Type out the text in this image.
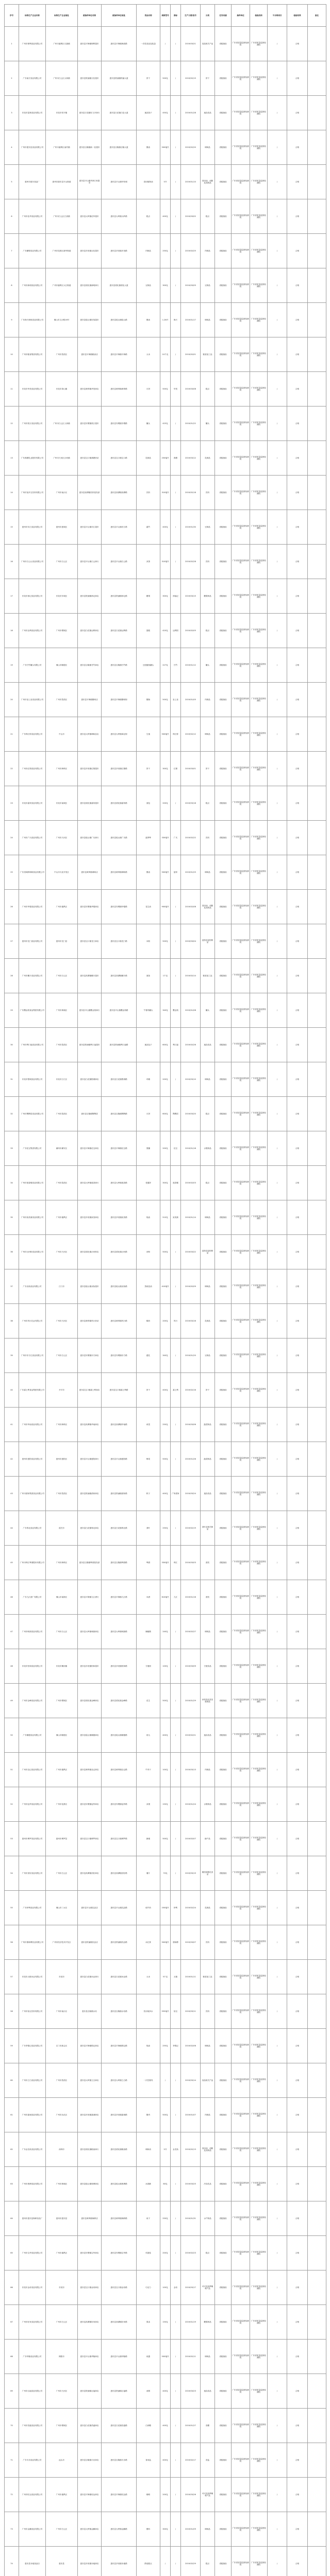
序号	标称生产企业名称	标称生产企业地址	被抽样单位名称	被抽样单位地址	食品名称	规格型号	商标	生产日期/批号	分类	任务来源	抽样单位	检验机构	不合格项目	检验结果	备注
1	广州市保利食品有限公司	广州市番禺区石碁镇	惠东县平海镇保利超市	惠东县平海镇海滨路	一次性食品包装袋	/	/	2019/03/21	食品相关产品	省级抽检	广东省质量监督检测院	广东省质量监督检测院	/	合格	
2	广东南方食品有限公司	广州市白云区太和镇	惠东县铁涌镇万佳超市	惠东县铁涌镇铁涌大道	饼干	500克	/	2019/02/15	饼干	省级抽检	广东省质量监督检测院	广东省质量监督检测院	/	合格	
3	东莞市富林食品有限公司	东莞市常平镇	惠东县白花镇好又多商行	惠东县白花镇白花大道	速冻饺子	450克	/	2019/01/28	速冻食品	省级抽检	广东省质量监督检测院	广东省质量监督检测院	/	合格	
4	广州市惠东县食品有限公司	广州市番禺区南村镇	惠东县吉隆镇新一佳超市	惠东县吉隆镇吉隆大道	酱油	500毫升	/	2019/02/20	调味品	省级抽检	广东省质量监督检测院	广东省质量监督检测院	/	合格	
5	惠州市惠东食品厂	惠州市惠东县平山街道	惠东县平山镇华润万家超市	惠东县平山镇华侨城	食用植物油	5升	/	2019/01/10	食用油、油脂及其制品	省级抽检	广东省质量监督检测院	广东省质量监督检测院	/	合格	
6	广州市佳华食品有限公司	广州市白云区江高镇	惠东县大岭镇佳华超市	惠东县大岭镇大岭路	糕点	400克	/	2019/03/02	糕点	省级抽检	广东省质量监督检测院	广东省质量监督检测院	/	合格	
7	广东鹏程食品有限公司	广州市花都区新华街道	惠东县多祝镇百佳超市	惠东县多祝镇多祝路	肉制品	250克	/	2019/02/25	肉制品	省级抽检	广东省质量监督检测院	广东省质量监督检测院	/	合格	
8	广州市新明食品有限公司	广州市番禺区大石街道	惠东县梁化镇新明商行	惠东县梁化镇梁化大道	豆制品	300克	/	2019/03/05	豆制品	省级抽检	广东省质量监督检测院	广东省质量监督检测院	/	合格	
9	广东海天调味食品有限公司	佛山市文沙路16号	惠东县稔山镇好客超市	惠东县稔山镇稔山路	酱油	1.28升	海天	2019/01/17	调味品	省级抽检	广东省质量监督检测院	广东省质量监督检测院	/	合格	
10	广州市粮食集团有限公司	广州市荔湾区	惠东县平海镇粮油店	惠东县平海镇平海路	大米	10千克	/	2019/02/01	粮食加工品	省级抽检	广东省质量监督检测院	广东省质量监督检测院	/	合格	
11	东莞市华美食品有限公司	东莞市茶山镇	惠东县黄埠镇华美商店	惠东县黄埠镇黄埠路	月饼	500克	华美	2019/03/08	糕点	省级抽检	广东省质量监督检测院	广东省质量监督检测院	/	合格	
12	广州市钱万食品有限公司	广州市白云区人和镇	惠东县安墩镇钱万超市	惠东县安墩镇安墩路	罐头	425克	/	2019/01/22	罐头	省级抽检	广东省质量监督检测院	广东省质量监督检测院	/	合格	
13	广东燕塘乳业股份有限公司	广州市天河区沙河镇	惠东县宝口镇燕塘奶站	惠东县宝口镇宝口路	乳制品	250毫升	燕塘	2019/03/12	乳制品	省级抽检	广东省质量监督检测院	广东省质量监督检测院	/	合格	
14	广州市加多宝饮料有限公司	广州市南沙区	惠东县高潭镇饮料批发部	惠东县高潭镇高潭路	饮料	310毫升	/	2019/02/18	饮料	省级抽检	广东省质量监督检测院	广东省质量监督检测院	/	合格	
15	惠州市东江食品有限公司	惠州市惠城区	惠东县平山镇东江超市	惠东县平山镇东江路	腐竹	400克	/	2019/01/30	豆制品	省级抽检	广东省质量监督检测院	广东省质量监督检测院	/	合格	
16	广州市白云山食品有限公司	广州市白云区	惠东县平山镇白云商行	惠东县平山镇白云路	凉茶	310毫升	/	2019/02/28	饮料	省级抽检	广东省质量监督检测院	广东省质量监督检测院	/	合格	
17	东莞市徐记食品有限公司	东莞市东城区	惠东县铁涌镇徐记商店	惠东县铁涌镇徐记路	糖果	300克	徐福记	2019/03/15	糖果制品	省级抽检	广东省质量监督检测院	广东省质量监督检测院	/	合格	
18	广州市达利食品有限公司	广州市增城区	惠东县白花镇达利商店	惠东县白花镇达利路	蛋糕	420克	达利园	2019/02/05	糕点	省级抽检	广东省质量监督检测院	广东省质量监督检测院	/	合格	
19	广东甘竹罐头有限公司	佛山市顺德区	惠东县吉隆镇甘竹商店	惠东县吉隆镇甘竹路	豆豉鲮鱼罐头	227克	甘竹	2019/01/12	罐头	省级抽检	广东省质量监督检测院	广东省质量监督检测院	/	合格	
20	广州市皇上皇食品有限公司	广州市荔湾区	惠东县平海镇腊味店	惠东县平海镇腊味街	腊肠	500克	皇上皇	2019/01/05	肉制品	省级抽检	广东省质量监督检测院	广东省质量监督检测院	/	合格	
21	广东珠江桥食品有限公司	中山市	惠东县大岭镇调味品店	惠东县大岭镇商业街	生抽	500毫升	珠江桥	2019/02/12	调味品	省级抽检	广东省质量监督检测院	广东省质量监督检测院	/	合格	
22	广州市红棉食品有限公司	广州市海珠区	惠东县多祝镇红棉超市	惠东县多祝镇红棉路	饼干	300克	红棉	2019/03/01	饼干	省级抽检	广东省质量监督检测院	广东省质量监督检测院	/	合格	
23	东莞市嘉荣食品有限公司	东莞市南城区	惠东县梁化镇嘉荣超市	惠东县梁化镇嘉荣路	面包	200克	/	2019/03/18	糕点	省级抽检	广东省质量监督检测院	广东省质量监督检测院	/	合格	
24	广州市广氏食品有限公司	广州市天河区	惠东县稔山镇广氏商行	惠东县稔山镇广氏路	菠萝啤	330毫升	广氏	2019/02/22	饮料	省级抽检	广东省质量监督检测院	广东省质量监督检测院	/	合格	
25	广东美味鲜调味食品有限公司	中山市火炬开发区	惠东县黄埠镇调味店	惠东县黄埠镇调味路	酱油	500毫升	厨邦	2019/01/25	调味品	省级抽检	广东省质量监督检测院	广东省质量监督检测院	/	合格	
26	广州市华强食品有限公司	广州市番禺区	惠东县安墩镇华强商店	惠东县安墩镇华强路	花生油	900毫升	/	2019/02/08	食用油、油脂及其制品	省级抽检	广东省质量监督检测院	广东省质量监督检测院	/	合格	
27	惠州市龙门食品有限公司	惠州市龙门县	惠东县宝口镇龙门商店	惠东县宝口镇龙门路	米粉	500克	/	2019/03/04	淀粉及淀粉制品	省级抽检	广东省质量监督检测院	广东省质量监督检测院	/	合格	
28	广州市穗丰食品有限公司	广州市白云区	惠东县高潭镇穗丰超市	惠东县高潭镇穗丰路	面条	1千克	/	2019/02/14	粮食加工品	省级抽检	广东省质量监督检测院	广东省质量监督检测院	/	合格	
29	广东鹰金钱食品集团有限公司	广州市黄埔区	惠东县平山镇鹰金钱商行	惠东县平山镇鹰金钱路	午餐肉罐头	340克	鹰金钱	2019/01/08	罐头	省级抽检	广东省质量监督检测院	广东省质量监督检测院	/	合格	
30	广州市利口福食品有限公司	广州市荔湾区	惠东县铁涌镇利口福超市	惠东县铁涌镇利口福路	速冻包子	600克	利口福	2019/02/26	速冻食品	省级抽检	广东省质量监督检测院	广东省质量监督检测院	/	合格	
31	东莞市银城食品有限公司	东莞市万江区	惠东县白花镇银城商店	惠东县白花镇银城路	鸡精	200克	/	2019/03/10	调味品	省级抽检	广东省质量监督检测院	广东省质量监督检测院	/	合格	
32	广州市陶陶居食品有限公司	广州市荔湾区	惠东县吉隆镇陶陶居	惠东县吉隆镇陶陶路	月饼	600克	陶陶居	2019/03/20	糕点	省级抽检	广东省质量监督检测院	广东省质量监督检测院	/	合格	
33	广东佳宝集团有限公司	潮州市潮安区	惠东县平海镇佳宝商店	惠东县平海镇佳宝路	果脯	200克	佳宝	2019/01/18	水果制品	省级抽检	广东省质量监督检测院	广东省质量监督检测院	/	合格	
34	广州市莲香楼食品有限公司	广州市荔湾区	惠东县大岭镇莲香商行	惠东县大岭镇莲香路	老婆饼	300克	莲香楼	2019/02/03	糕点	省级抽检	广东省质量监督检测院	广东省质量监督检测院	/	合格	
35	广州市致美斋食品有限公司	广州市番禺区	惠东县多祝镇致美商店	惠东县多祝镇致美路	蚝油	510克	致美斋	2019/01/14	调味品	省级抽检	广东省质量监督检测院	广东省质量监督检测院	/	合格	
36	广州市沙河粉食品有限公司	广州市天河区	惠东县梁化镇沙河粉店	惠东县梁化镇沙河路	河粉	500克	/	2019/03/22	淀粉及淀粉制品	省级抽检	广东省质量监督检测院	广东省质量监督检测院	/	合格	
37	广东双鱼食品有限公司	江门市	惠东县稔山镇双鱼超市	惠东县稔山镇双鱼路	蒸鱼豉油	410毫升	/	2019/02/09	调味品	省级抽检	广东省质量监督检测院	广东省质量监督检测院	/	合格	
38	广州市风行乳业有限公司	广州市天河区	惠东县黄埠镇风行奶站	惠东县黄埠镇风行路	酸奶	200克	风行	2019/03/16	乳制品	省级抽检	广东省质量监督检测院	广东省质量监督检测院	/	合格	
39	广州市东方红食品有限公司	广州市白云区	惠东县安墩镇东方商店	惠东县安墩镇东方路	腐乳	340克	/	2019/01/20	豆制品	省级抽检	广东省质量监督检测院	广东省质量监督检测院	/	合格	
40	广东嘉士利食品集团有限公司	开平市	惠东县宝口镇嘉士利商店	惠东县宝口镇嘉士利路	饼干	400克	嘉士利	2019/02/16	饼干	省级抽检	广东省质量监督检测院	广东省质量监督检测院	/	合格	
41	广州市华南食品有限公司	广州市海珠区	惠东县高潭镇华南商店	惠东县高潭镇华南路	咸菜	250克	/	2019/03/06	蔬菜制品	省级抽检	广东省质量监督检测院	广东省质量监督检测院	/	合格	
42	惠州市惠阳食品有限公司	惠州市惠阳区	惠东县平山镇惠阳商行	惠东县平山镇惠阳路	梅菜	500克	/	2019/01/26	蔬菜制品	省级抽检	广东省质量监督检测院	广东省质量监督检测院	/	合格	
43	广州市酒家集团食品有限公司	广州市荔湾区	惠东县铁涌镇酒家商店	惠东县铁涌镇酒家路	粽子	400克	广州酒家	2019/03/24	速冻食品	省级抽检	广东省质量监督检测院	广东省质量监督检测院	/	合格	
44	广东粤北食品有限公司	韶关市	惠东县白花镇粤北商店	惠东县白花镇粤北路	茶叶	250克	/	2019/02/19	茶叶及相关制品	省级抽检	广东省质量监督检测院	广东省质量监督检测院	/	合格	
45	广州市珠江啤酒股份有限公司	广州市海珠区	惠东县吉隆镇啤酒批发部	惠东县吉隆镇啤酒路	啤酒	330毫升	珠江	2019/03/03	酒类	省级抽检	广东省质量监督检测院	广东省质量监督检测院	/	合格	
46	广东九江酒厂有限公司	佛山市南海区	惠东县平海镇九江酒行	惠东县平海镇九江路	米酒	610毫升	九江	2019/01/16	酒类	省级抽检	广东省质量监督检测院	广东省质量监督检测院	/	合格	
47	广州市味源食品有限公司	广州市白云区	惠东县大岭镇味源商店	惠东县大岭镇味源路	辣椒酱	240克	/	2019/02/27	调味品	省级抽检	广东省质量监督检测院	广东省质量监督检测院	/	合格	
48	东莞市恒和食品有限公司	东莞市横沥镇	惠东县多祝镇恒和超市	惠东县多祝镇恒和路	方便面	100克	/	2019/03/09	方便食品	省级抽检	广东省质量监督检测院	广东省质量监督检测院	/	合格	
49	广州市金峰食品有限公司	广州市增城区	惠东县梁化镇金峰商店	惠东县梁化镇金峰路	花生	500克	/	2019/01/29	炒货食品及坚果制品	省级抽检	广东省质量监督检测院	广东省质量监督检测院	/	合格	
50	广东顺德食品有限公司	佛山市顺德区	惠东县稔山镇顺德商店	惠东县稔山镇顺德路	鱼丸	400克	/	2019/02/21	速冻食品	省级抽检	广东省质量监督检测院	广东省质量监督检测院	/	合格	
51	广州市良记食品有限公司	广州市番禺区	惠东县黄埠镇良记商店	惠东县黄埠镇良记路	牛肉干	100克	/	2019/03/13	肉制品	省级抽检	广东省质量监督检测院	广东省质量监督检测院	/	合格	
52	广州市冠华食品有限公司	广州市花都区	惠东县安墩镇冠华商店	惠东县安墩镇冠华路	凉果	150克	/	2019/01/24	水果制品	省级抽检	广东省质量监督检测院	广东省质量监督检测院	/	合格	
53	惠州市博罗食品有限公司	惠州市博罗县	惠东县宝口镇博罗商店	惠东县宝口镇博罗路	蜂蜜	500克	/	2019/02/07	蜂产品	省级抽检	广东省质量监督检测院	广东省质量监督检测院	/	合格	
54	广州市顶好食品有限公司	广州市白云区	惠东县高潭镇顶好商店	惠东县高潭镇顶好路	薯片	70克	/	2019/03/19	薯类和膨化食品	省级抽检	广东省质量监督检测院	广东省质量监督检测院	/	合格	
55	广东伊利食品有限公司	佛山市三水区	惠东县平山镇乳品店	惠东县平山镇乳品路	纯牛奶	250毫升	伊利	2019/02/24	乳制品	省级抽检	广东省质量监督检测院	广东省质量监督检测院	/	合格	
56	广州市康师傅饮品有限公司	广州市经济技术开发区	惠东县铁涌镇饮品店	惠东县铁涌镇饮品路	冰红茶	500毫升	康师傅	2019/03/07	饮料	省级抽检	广东省质量监督检测院	广东省质量监督检测院	/	合格	
57	东莞市太粮米业有限公司	东莞市	惠东县白花镇米业商行	惠东县白花镇米业路	大米	5千克	太粮	2019/01/11	粮食加工品	省级抽检	广东省质量监督检测院	广东省质量监督检测院	/	合格	
58	广州市怡宝饮料有限公司	广州市南沙区	惠东县吉隆镇水站	惠东县吉隆镇水站路	饮用纯净水	555毫升	怡宝	2019/03/11	饮料	省级抽检	广东省质量监督检测院	广东省质量监督检测院	/	合格	
59	广东李锦记食品有限公司	江门市新会区	惠东县平海镇锦记商店	惠东县平海镇锦记路	蚝油	255克	李锦记	2019/02/06	调味品	省级抽检	广东省质量监督检测院	广东省质量监督检测院	/	合格	
60	广州市立白食品有限公司	广州市荔湾区	惠东县大岭镇立白商店	惠东县大岭镇立白路	一次性餐具	/	/	2019/03/14	食品相关产品	省级抽检	广东省质量监督检测院	广东省质量监督检测院	/	合格	
61	广州市嘉诚食品有限公司	广州市从化区	惠东县多祝镇嘉诚商店	惠东县多祝镇嘉诚路	腊肉	500克	/	2019/01/07	肉制品	省级抽检	广东省质量监督检测院	广东省质量监督检测院	/	合格	
62	广东金龙鱼食品有限公司	深圳市	惠东县梁化镇粮油商行	惠东县梁化镇粮油路	调和油	5升	金龙鱼	2019/02/13	食用油、油脂及其制品	省级抽检	广东省质量监督检测院	广东省质量监督检测院	/	合格	
63	广州市奥博食品有限公司	广州市黄埔区	惠东县稔山镇奥博商店	惠东县稔山镇奥博路	冰淇淋	80克	/	2019/03/25	冷冻饮品	省级抽检	广东省质量监督检测院	广东省质量监督检测院	/	合格	
64	惠州市惠东县海鲜食品厂	惠州市惠东县	惠东县黄埠镇海鲜店	惠东县黄埠镇海鲜路	鱼干	250克	/	2019/01/31	水产制品	省级抽检	广东省质量监督检测院	广东省质量监督检测院	/	合格	
65	广州市宝华食品有限公司	广州市番禺区	惠东县安墩镇宝华商店	惠东县安墩镇宝华路	鸡蛋卷	200克	/	2019/02/23	糕点	省级抽检	广东省质量监督检测院	广东省质量监督检测院	/	合格	
66	东莞市金帝食品有限公司	东莞市	惠东县宝口镇金帝商店	惠东县宝口镇金帝路	巧克力	100克	金帝	2019/03/17	可可及焙烤咖啡产品	省级抽检	广东省质量监督检测院	广东省质量监督检测院	/	合格	
67	广州市好来食品有限公司	广州市白云区	惠东县高潭镇好来商店	惠东县高潭镇好来路	果冻	150克	/	2019/01/19	糖果制品	省级抽检	广东省质量监督检测院	广东省质量监督检测院	/	合格	
68	广东华隆食品有限公司	揭阳市	惠东县平山镇华隆商店	惠东县平山镇华隆路	鱼露	500毫升	/	2019/02/11	调味品	省级抽检	广东省质量监督检测院	广东省质量监督检测院	/	合格	
69	广州市百福食品有限公司	广州市天河区	惠东县铁涌镇百福商店	惠东县铁涌镇百福路	汤圆	400克	/	2019/03/23	速冻食品	省级抽检	广东省质量监督检测院	广东省质量监督检测院	/	合格	
70	广州市昌盛食品有限公司	广州市增城区	惠东县白花镇昌盛商店	惠东县白花镇昌盛路	白砂糖	400克	/	2019/01/27	食糖	省级抽检	广东省质量监督检测院	广东省质量监督检测院	/	合格	
71	广东丰乐食品有限公司	汕头市	惠东县吉隆镇丰乐商店	惠东县吉隆镇丰乐路	食用盐	400克	/	2019/02/17	食盐	省级抽检	广东省质量监督检测院	广东省质量监督检测院	/	合格	
72	广州市旺达食品有限公司	广州市番禺区	惠东县平海镇旺达商店	惠东县平海镇旺达路	咖啡	200克	/	2019/03/26	可可及焙烤咖啡产品	省级抽检	广东省质量监督检测院	广东省质量监督检测院	/	合格	
73	广州市金鹏食品有限公司	广州市白云区	惠东县大岭镇金鹏商店	惠东县大岭镇金鹏路	酱料	300克	/	2019/01/09	调味品	省级抽检	广东省质量监督检测院	广东省质量监督检测院	/	合格	
74	惠东县本地食品店	惠东县	惠东县多祝镇本地商店	惠东县多祝镇本地路	散装糕点	/	/	2019/02/29	糕点	省级抽检	广东省质量监督检测院	广东省质量监督检测院	/	合格	
